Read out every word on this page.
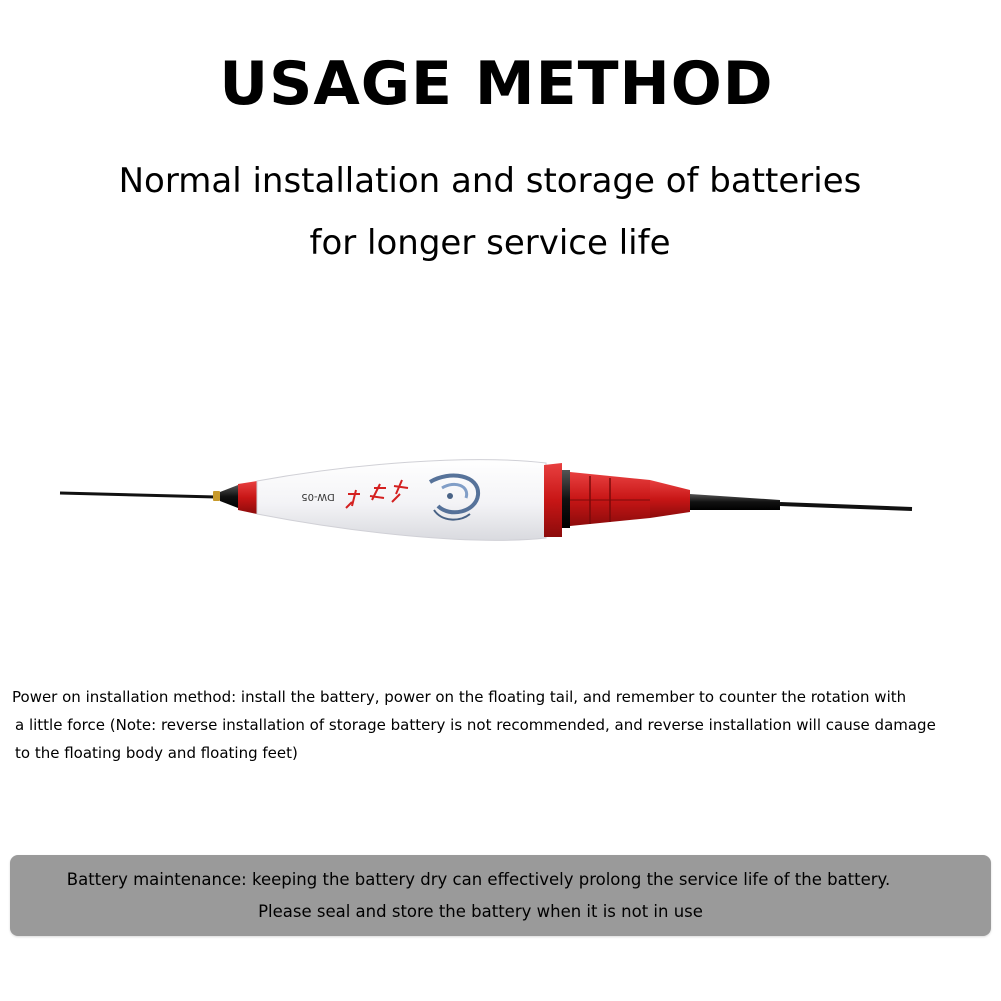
USAGE METHOD
Normal installation and storage of batteries
for longer service life
DW-05
Power on installation method: install the battery, power on the floating tail, and remember to counter the rotation with
a little force (Note: reverse installation of storage battery is not recommended, and reverse installation will cause damage
to the floating body and floating feet)
Battery maintenance: keeping the battery dry can effectively prolong the service life of the battery.
Please seal and store the battery when it is not in use
